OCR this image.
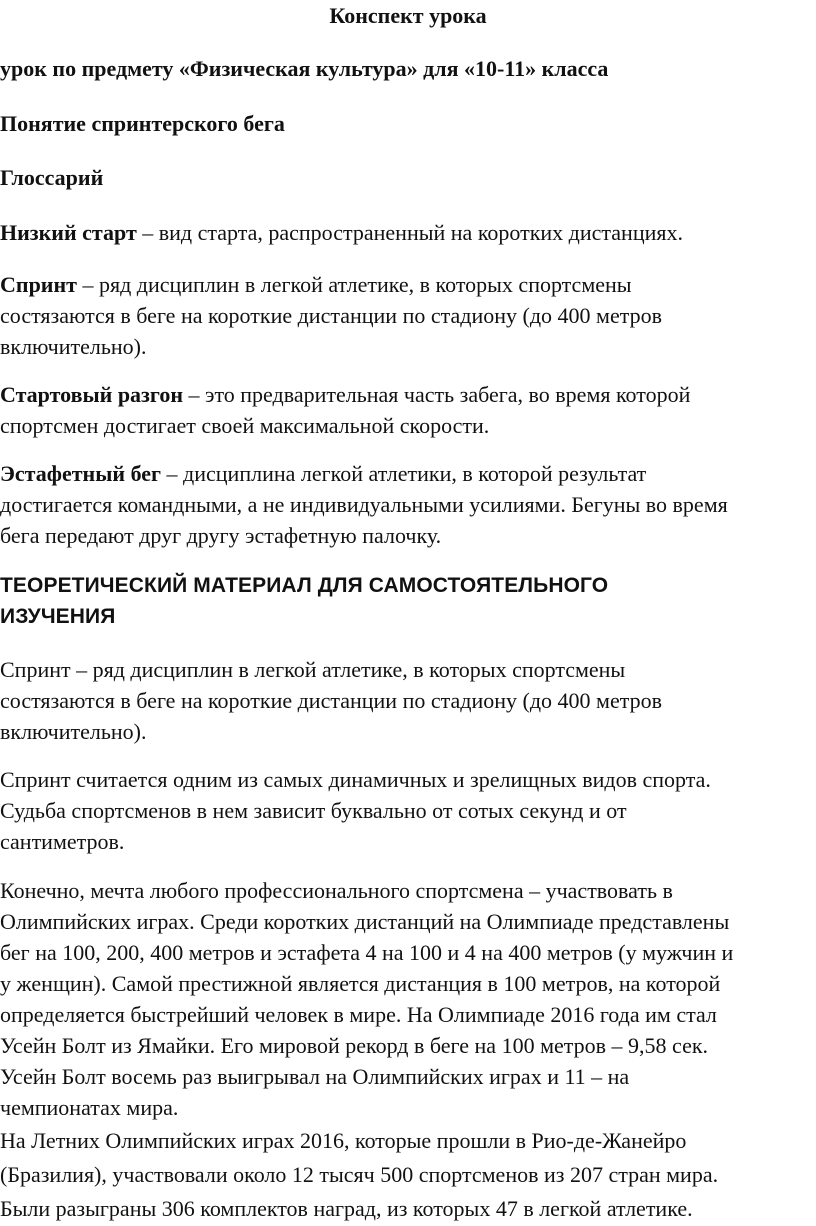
Конспект урока

урок по предмету «Физическая культура» для «10-11» класса

Понятие спринтерского бега

Глоссарий

Низкий старт – вид старта, распространенный на коротких дистанциях.
Спринт – ряд дисциплин в легкой атлетике, в которых спортсмены
состязаются в беге на короткие дистанции по стадиону (до 400 метров
включительно).
Стартовый разгон – это предварительная часть забега, во время которой
спортсмен достигает своей максимальной скорости.
Эстафетный бег – дисциплина легкой атлетики, в которой результат
достигается командными, а не индивидуальными усилиями. Бегуны во время
бега передают друг другу эстафетную палочку.
ТЕОРЕТИЧЕСКИЙ МАТЕРИАЛ ДЛЯ САМОСТОЯТЕЛЬНОГО
ИЗУЧЕНИЯ
Спринт – ряд дисциплин в легкой атлетике, в которых спортсмены
состязаются в беге на короткие дистанции по стадиону (до 400 метров
включительно).
Спринт считается одним из самых динамичных и зрелищных видов спорта.
Судьба спортсменов в нем зависит буквально от сотых секунд и от
сантиметров.
Конечно, мечта любого профессионального спортсмена – участвовать в
Олимпийских играх. Среди коротких дистанций на Олимпиаде представлены
бег на 100, 200, 400 метров и эстафета 4 на 100 и 4 на 400 метров (у мужчин и
у женщин). Самой престижной является дистанция в 100 метров, на которой
определяется быстрейший человек в мире. На Олимпиаде 2016 года им стал
Усейн Болт из Ямайки. Его мировой рекорд в беге на 100 метров – 9,58 сек.
Усейн Болт восемь раз выигрывал на Олимпийских играх и 11 – на
чемпионатах мира.
На Летних Олимпийских играх 2016, которые прошли в Рио-де-Жанейро
(Бразилия), участвовали около 12 тысяч 500 спортсменов из 207 стран мира.
Были разыграны 306 комплектов наград, из которых 47 в легкой атлетике.
